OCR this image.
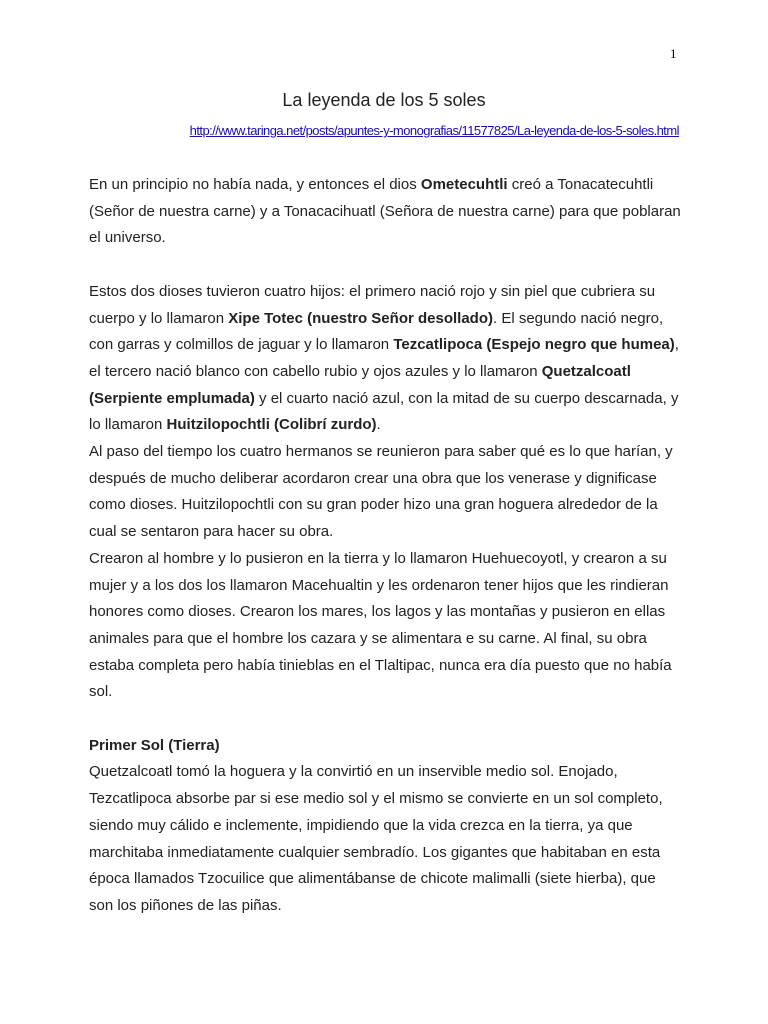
1
La leyenda de los 5 soles
http://www.taringa.net/posts/apuntes-y-monografias/11577825/La-leyenda-de-los-5-soles.html

En un principio no había nada, y entonces el dios Ometecuhtli creó a Tonacatecuhtli (Señor de nuestra carne) y a Tonacacihuatl (Señora de nuestra carne) para que poblaran el universo.

Estos dos dioses tuvieron cuatro hijos: el primero nació rojo y sin piel que cubriera su cuerpo y lo llamaron Xipe Totec (nuestro Señor desollado). El segundo nació negro, con garras y colmillos de jaguar y lo llamaron Tezcatlipoca (Espejo negro que humea), el tercero nació blanco con cabello rubio y ojos azules y lo llamaron Quetzalcoatl (Serpiente emplumada) y el cuarto nació azul, con la mitad de su cuerpo descarnada, y lo llamaron Huitzilopochtli (Colibrí zurdo).

Al paso del tiempo los cuatro hermanos se reunieron para saber qué es lo que harían, y después de mucho deliberar acordaron crear una obra que los venerase y dignificase como dioses. Huitzilopochtli con su gran poder hizo una gran hoguera alrededor de la cual se sentaron para hacer su obra.

Crearon al hombre y lo pusieron en la tierra y lo llamaron Huehuecoyotl, y crearon a su mujer y a los dos los llamaron Macehualtin y les ordenaron tener hijos que les rindieran honores como dioses. Crearon los mares, los lagos y las montañas y pusieron en ellas animales para que el hombre los cazara y se alimentara e su carne. Al final, su obra estaba completa pero había tinieblas en el Tlaltipac, nunca era día puesto que no había sol.

Primer Sol (Tierra)

Quetzalcoatl tomó la hoguera y la convirtió en un inservible medio sol. Enojado, Tezcatlipoca absorbe par si ese medio sol y el mismo se convierte en un sol completo, siendo muy cálido e inclemente, impidiendo que la vida crezca en la tierra, ya que marchitaba inmediatamente cualquier sembradío. Los gigantes que habitaban en esta época llamados Tzocuilice que alimentábanse de chicote malimalli (siete hierba), que son los piñones de las piñas.
